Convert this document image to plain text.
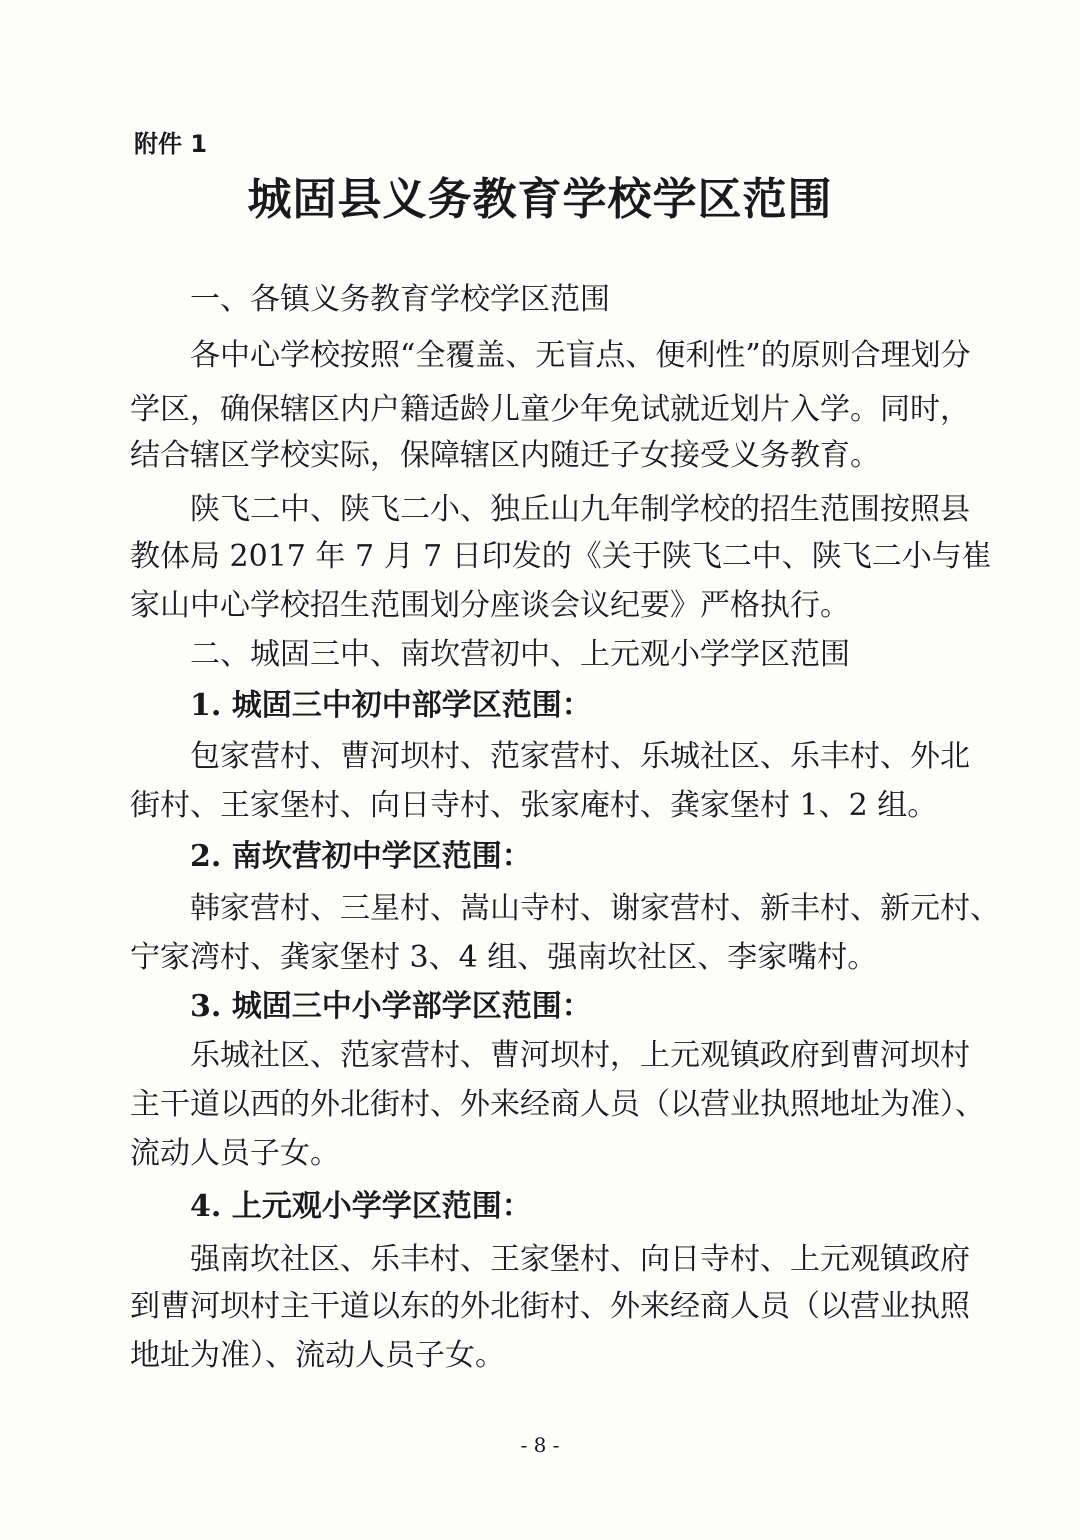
附件 1
城固县义务教育学校学区范围
一、各镇义务教育学校学区范围
各中心学校按照“全覆盖、无盲点、便利性”的原则合理划分
学区，确保辖区内户籍适龄儿童少年免试就近划片入学。同时，
结合辖区学校实际，保障辖区内随迁子女接受义务教育。
陕飞二中、陕飞二小、独丘山九年制学校的招生范围按照县
教体局 2017 年 7 月 7 日印发的《关于陕飞二中、陕飞二小与崔
家山中心学校招生范围划分座谈会议纪要》严格执行。
二、城固三中、南坎营初中、上元观小学学区范围
1. 城固三中初中部学区范围：
包家营村、曹河坝村、范家营村、乐城社区、乐丰村、外北
街村、王家堡村、向日寺村、张家庵村、龚家堡村 1、2 组。
2. 南坎营初中学区范围：
韩家营村、三星村、嵩山寺村、谢家营村、新丰村、新元村、
宁家湾村、龚家堡村 3、4 组、强南坎社区、李家嘴村。
3. 城固三中小学部学区范围：
乐城社区、范家营村、曹河坝村，上元观镇政府到曹河坝村
主干道以西的外北街村、外来经商人员（以营业执照地址为准）、
流动人员子女。
4. 上元观小学学区范围：
强南坎社区、乐丰村、王家堡村、向日寺村、上元观镇政府
到曹河坝村主干道以东的外北街村、外来经商人员（以营业执照
地址为准）、流动人员子女。
- 8 -
